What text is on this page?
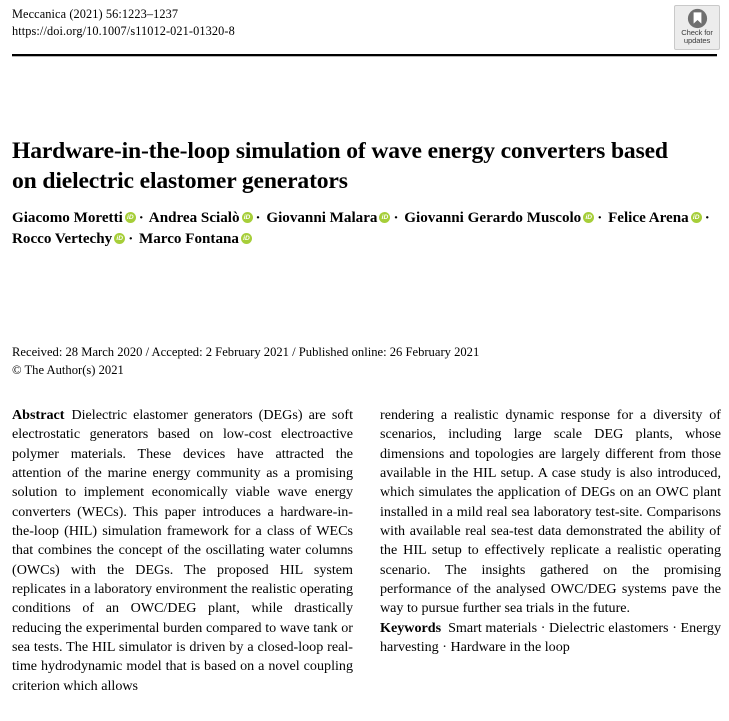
Meccanica (2021) 56:1223–1237
https://doi.org/10.1007/s11012-021-01320-8	Check for
updates
Hardware-in-the-loop simulation of wave energy converters based on dielectric elastomer generators
Giacomo Moretti iD · Andrea Scialò iD · Giovanni Malara iD · Giovanni Gerardo Muscolo iD · Felice Arena iD · Rocco Vertechy iD · Marco FontanaiD
Received: 28 March 2020 / Accepted: 2 February 2021 / Published online: 26 February 2021
© The Author(s) 2021

Abstract Dielectric elastomer generators (DEGs) are soft electrostatic generators based on low-cost electroactive polymer materials. These devices have attracted the attention of the marine energy community as a promising solution to implement economically viable wave energy converters (WECs). This paper introduces a hardware-in-the-loop (HIL) simulation framework for a class of WECs that combines the concept of the oscillating water columns (OWCs) with the DEGs. The proposed HIL system replicates in a laboratory environment the realistic operating conditions of an OWC/DEG plant, while drastically reducing the experimental burden compared to wave tank or sea tests. The HIL simulator is driven by a closed-loop real-time hydrodynamic model that is based on a novel coupling criterion which allows

rendering a realistic dynamic response for a diversity of scenarios, including large scale DEG plants, whose dimensions and topologies are largely different from those available in the HIL setup. A case study is also introduced, which simulates the application of DEGs on an OWC plant installed in a mild real sea laboratory test-site. Comparisons with available real sea-test data demonstrated the ability of the HIL setup to effectively replicate a realistic operating scenario. The insights gathered on the promising performance of the analysed OWC/DEG systems pave the way to pursue further sea trials in the future.

Keywords Smart materials · Dielectric elastomers · Energy harvesting · Hardware in the loop
